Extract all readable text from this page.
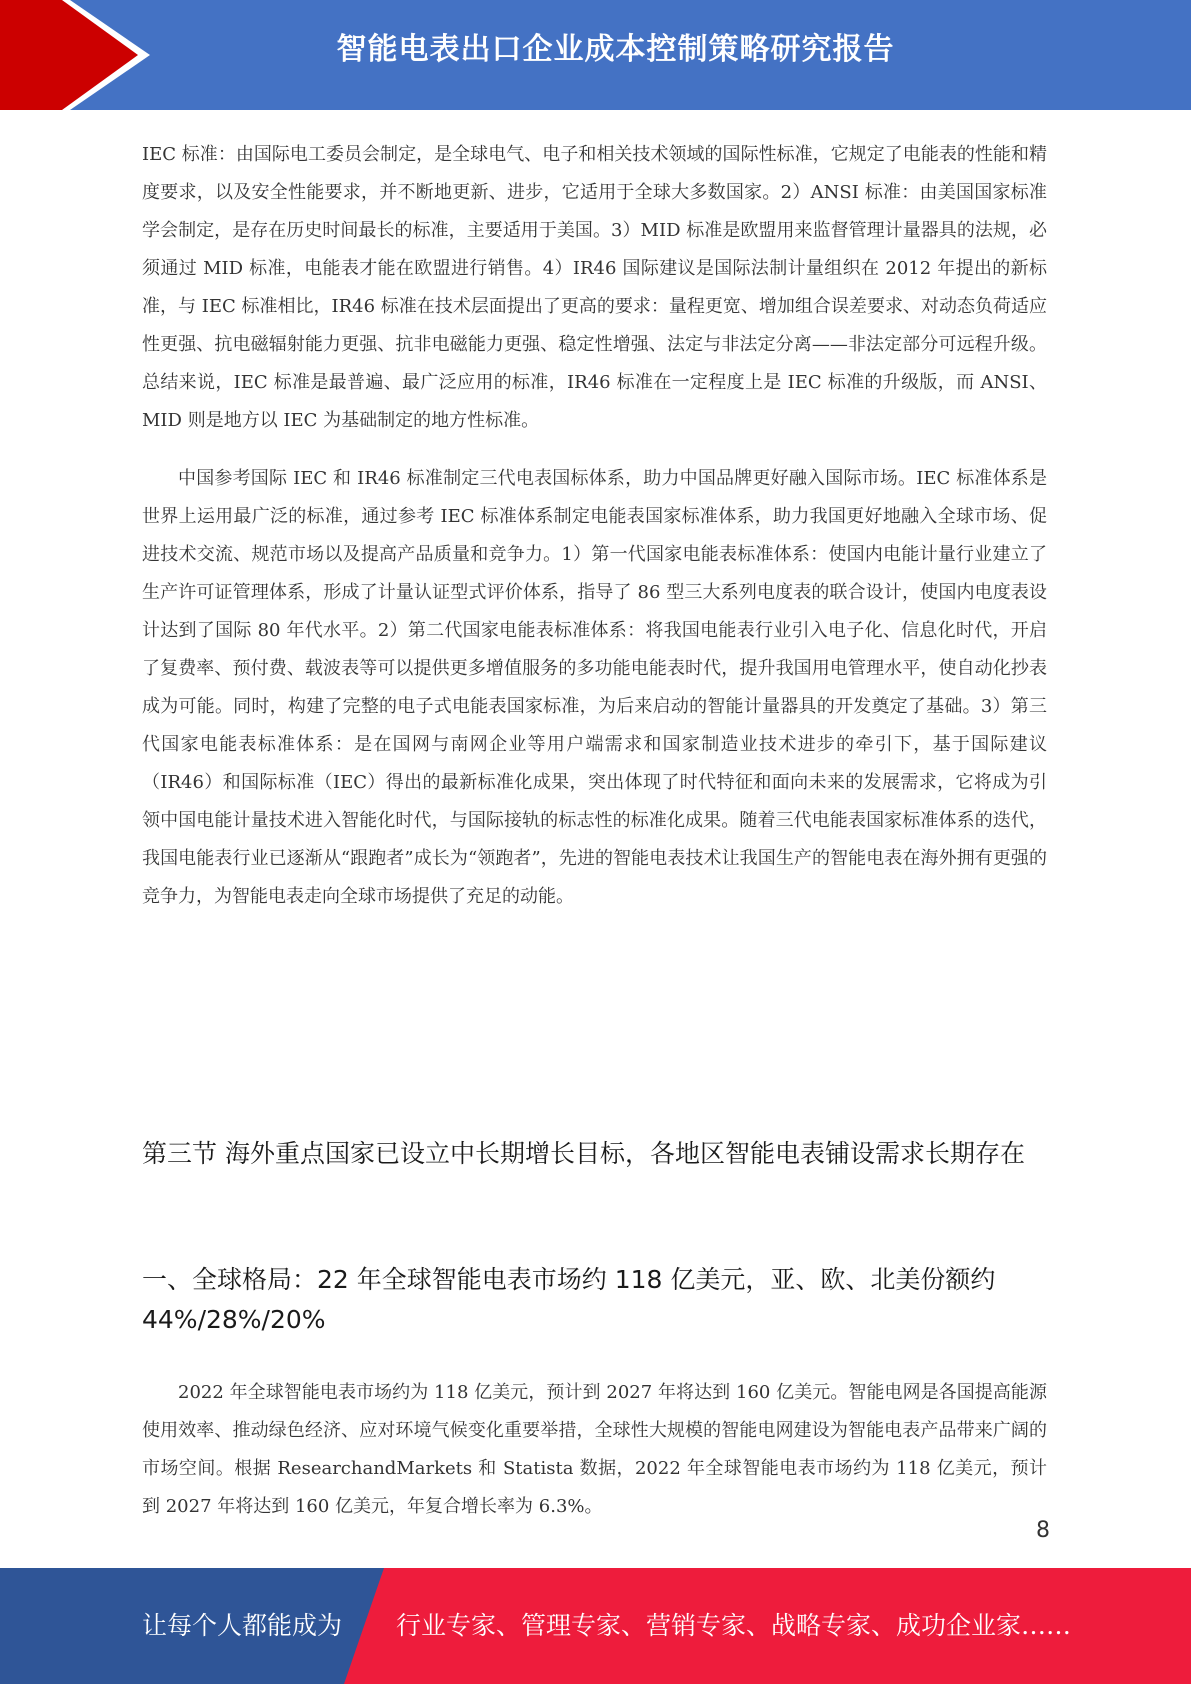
智能电表出口企业成本控制策略研究报告

IEC 标准：由国际电工委员会制定，是全球电气、电子和相关技术领域的国际性标准，它规定了电能表的性能和精度要求，以及安全性能要求，并不断地更新、进步，它适用于全球大多数国家。2）ANSI 标准：由美国国家标准学会制定，是存在历史时间最长的标准，主要适用于美国。3）MID 标准是欧盟用来监督管理计量器具的法规，必须通过 MID 标准，电能表才能在欧盟进行销售。4）IR46 国际建议是国际法制计量组织在 2012 年提出的新标准，与 IEC 标准相比，IR46 标准在技术层面提出了更高的要求：量程更宽、增加组合误差要求、对动态负荷适应性更强、抗电磁辐射能力更强、抗非电磁能力更强、稳定性增强、法定与非法定分离——非法定部分可远程升级。总结来说，IEC 标准是最普遍、最广泛应用的标准，IR46 标准在一定程度上是 IEC 标准的升级版，而 ANSI、MID 则是地方以 IEC 为基础制定的地方性标准。

中国参考国际 IEC 和 IR46 标准制定三代电表国标体系，助力中国品牌更好融入国际市场。IEC 标准体系是世界上运用最广泛的标准，通过参考 IEC 标准体系制定电能表国家标准体系，助力我国更好地融入全球市场、促进技术交流、规范市场以及提高产品质量和竞争力。1）第一代国家电能表标准体系：使国内电能计量行业建立了生产许可证管理体系，形成了计量认证型式评价体系，指导了 86 型三大系列电度表的联合设计，使国内电度表设计达到了国际 80 年代水平。2）第二代国家电能表标准体系：将我国电能表行业引入电子化、信息化时代，开启了复费率、预付费、载波表等可以提供更多增值服务的多功能电能表时代，提升我国用电管理水平，使自动化抄表成为可能。同时，构建了完整的电子式电能表国家标准，为后来启动的智能计量器具的开发奠定了基础。3）第三代国家电能表标准体系：是在国网与南网企业等用户端需求和国家制造业技术进步的牵引下，基于国际建议（IR46）和国际标准（IEC）得出的最新标准化成果，突出体现了时代特征和面向未来的发展需求，它将成为引领中国电能计量技术进入智能化时代，与国际接轨的标志性的标准化成果。随着三代电能表国家标准体系的迭代，我国电能表行业已逐渐从“跟跑者”成长为“领跑者”，先进的智能电表技术让我国生产的智能电表在海外拥有更强的竞争力，为智能电表走向全球市场提供了充足的动能。

第三节 海外重点国家已设立中长期增长目标，各地区智能电表铺设需求长期存在
一、全球格局：22 年全球智能电表市场约 118 亿美元，亚、欧、北美份额约 44%/28%/20%

2022 年全球智能电表市场约为 118 亿美元，预计到 2027 年将达到 160 亿美元。智能电网是各国提高能源使用效率、推动绿色经济、应对环境气候变化重要举措，全球性大规模的智能电网建设为智能电表产品带来广阔的市场空间。根据 ResearchandMarkets 和 Statista 数据，2022 年全球智能电表市场约为 118 亿美元，预计到 2027 年将达到 160 亿美元，年复合增长率为 6.3%。

8
让每个人都能成为 行业专家、管理专家、营销专家、战略专家、成功企业家……
